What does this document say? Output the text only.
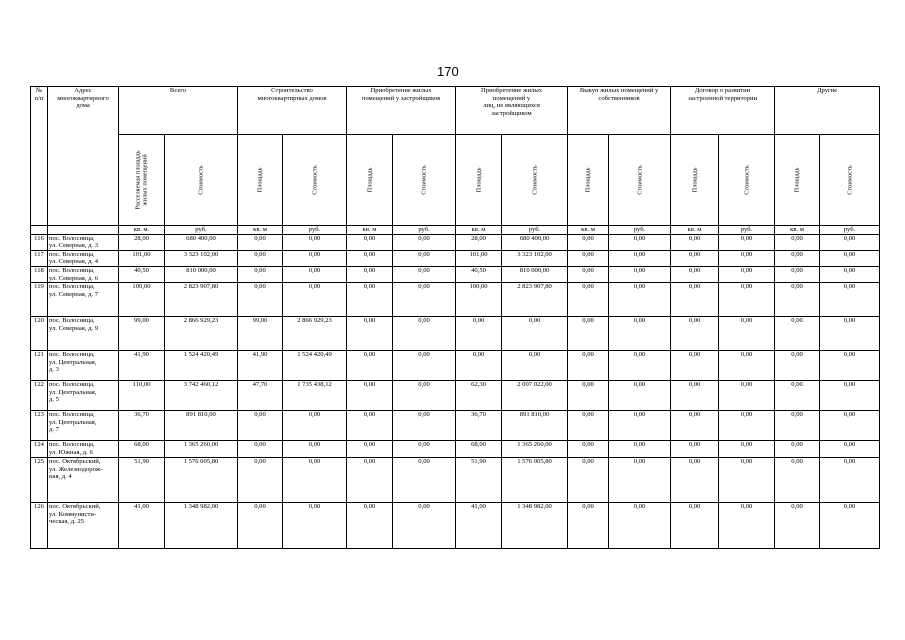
170
№
п/п	Адрес
многоквартирного
дома	Всего		Строительство
многоквартирных домов		Приобретение жилых
помещений у застройщиков		Приобретение жилых
помещений у
лиц, не являющихся
застройщиком		Выкуп жилых помещений у
собственников		Договор о развитии
застроенной территории		Другие	

		Расселяемая площадь
жилых помещений	Стоимость	Площадь	Стоимость	Площадь	Стоимость	Площадь	Стоимость	Площадь	Стоимость	Площадь	Стоимость	Площадь	Стоимость

		кв. м.	руб.	кв. м	руб.	кв. м	руб.	кв. м	руб.	кв. м	руб.	кв. м	руб.	кв. м	руб.
116	пос. Волосница,
ул. Северная, д. 3	28,00	680 400,00	0,00	0,00	0,00	0,00	28,00	680 400,00	0,00	0,00	0,00	0,00	0,00	0,00
117	пос. Волосница,
ул. Северная, д. 4	101,00	3 323 102,00	0,00	0,00	0,00	0,00	101,00	3 323 102,00	0,00	0,00	0,00	0,00	0,00	0,00
118	пос. Волосница,
ул. Северная, д. 6	40,50	810 000,00	0,00	0,00	0,00	0,00	40,50	810 000,00	0,00	0,00	0,00	0,00	0,00	0,00
119	пос. Волосница,
ул. Северная, д. 7	100,00	2 823 907,80	0,00	0,00	0,00	0,00	100,00	2 823 907,80	0,00	0,00	0,00	0,00	0,00	0,00
120	пос. Волосница,
ул. Северная, д. 9	99,00	2 866 929,23	99,00	2 866 929,23	0,00	0,00	0,00	0,00	0,00	0,00	0,00	0,00	0,00	0,00
121	пос. Волосница,
ул. Центральная,
д. 3	41,90	1 524 420,49	41,90	1 524 420,49	0,00	0,00	0,00	0,00	0,00	0,00	0,00	0,00	0,00	0,00
122	пос. Волосница,
ул. Центральная,
д. 5	110,00	3 742 460,12	47,70	1 735 438,12	0,00	0,00	62,30	2 007 022,00	0,00	0,00	0,00	0,00	0,00	0,00
123	пос. Волосница,
ул. Центральная,
д. 7	36,70	891 810,00	0,00	0,00	0,00	0,00	36,70	891 810,00	0,00	0,00	0,00	0,00	0,00	0,00
124	пос. Волосница,
ул. Южная, д. 6	68,00	1 365 260,00	0,00	0,00	0,00	0,00	68,00	1 365 260,00	0,00	0,00	0,00	0,00	0,00	0,00
125	пос. Октябрьский,
ул. Железнодорож-
ная, д. 4	51,90	1 576 005,80	0,00	0,00	0,00	0,00	51,90	1 576 005,80	0,00	0,00	0,00	0,00	0,00	0,00
126	пос. Октябрьский,
ул. Коммунисти-
ческая, д. 25	41,00	1 348 982,00	0,00	0,00	0,00	0,00	41,00	1 348 982,00	0,00	0,00	0,00	0,00	0,00	0,00
